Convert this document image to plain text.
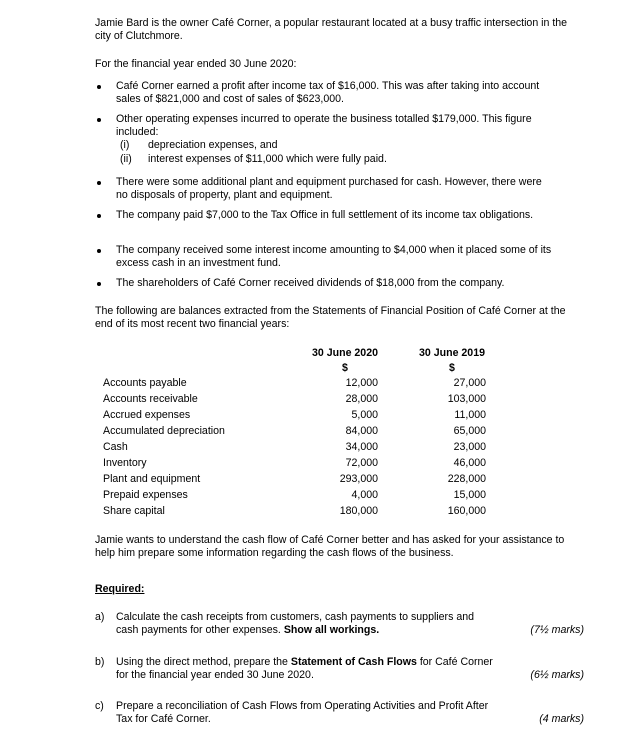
Jamie Bard is the owner Café Corner, a popular restaurant located at a busy traffic intersection in the city of Clutchmore.
For the financial year ended 30 June 2020:
Café Corner earned a profit after income tax of $16,000. This was after taking into account sales of $821,000 and cost of sales of $623,000.
Other operating expenses incurred to operate the business totalled $179,000. This figure included:
(i) depreciation expenses, and
(ii) interest expenses of $11,000 which were fully paid.
There were some additional plant and equipment purchased for cash. However, there were no disposals of property, plant and equipment.
The company paid $7,000 to the Tax Office in full settlement of its income tax obligations.
The company received some interest income amounting to $4,000 when it placed some of its excess cash in an investment fund.
The shareholders of Café Corner received dividends of $18,000 from the company.
The following are balances extracted from the Statements of Financial Position of Café Corner at the end of its most recent two financial years:
30 June 2020	30 June 2019
$	$
Accounts payable	12,000	27,000
Accounts receivable	28,000	103,000
Accrued expenses	5,000	11,000
Accumulated depreciation	84,000	65,000
Cash	34,000	23,000
Inventory	72,000	46,000
Plant and equipment	293,000	228,000
Prepaid expenses	4,000	15,000
Share capital	180,000	160,000
Jamie wants to understand the cash flow of Café Corner better and has asked for your assistance to help him prepare some information regarding the cash flows of the business.
Required:
a) Calculate the cash receipts from customers, cash payments to suppliers and cash payments for other expenses. Show all workings.	(7½ marks)
b) Using the direct method, prepare the Statement of Cash Flows for Café Corner for the financial year ended 30 June 2020.	(6½ marks)
c) Prepare a reconciliation of Cash Flows from Operating Activities and Profit After Tax for Café Corner.	(4 marks)
